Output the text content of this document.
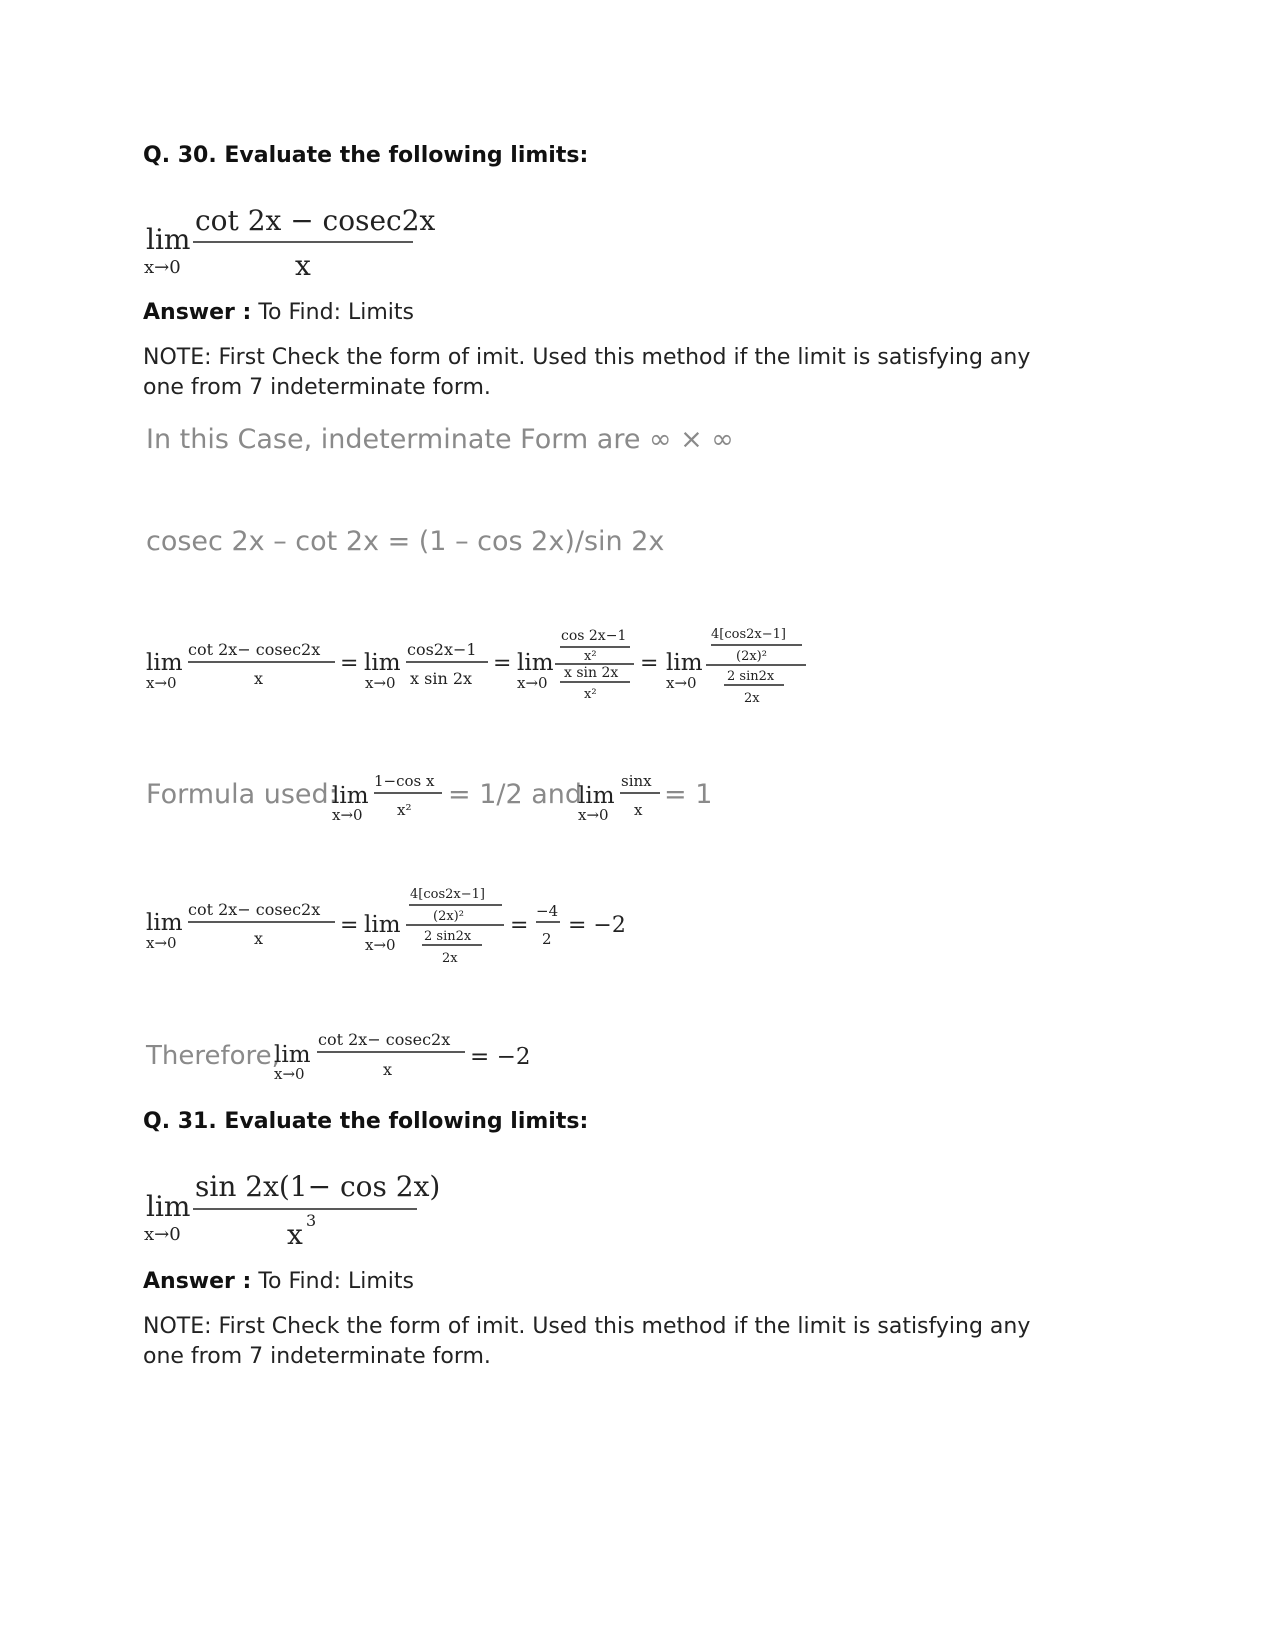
Q. 30. Evaluate the following limits:
lim
x→0
cot 2x − cosec2x
x
Answer : To Find: Limits
NOTE: First Check the form of imit. Used this method if the limit is satisfying any one from 7 indeterminate form.
In this Case, indeterminate Form are ∞ × ∞
cosec 2x – cot 2x = (1 – cos 2x)/sin 2x
lim
x→0
cot 2x− cosec2x
x
= lim
x→0
cos2x−1
x sin 2x
= lim
x→0
cos 2x−1
x²
x sin 2x
x²
= lim
x→0
4[cos2x−1]
(2x)²
2 sin2x
2x
Formula used:
lim
x→0
1−cos x
x² = 1/2 and
lim
x→0
sinx
x = 1
lim
x→0
cot 2x− cosec2x
x
= lim
x→0
4[cos2x−1]
(2x)²
2 sin2x
2x
=
−4
2
= −2
Therefore,
lim
x→0
cot 2x− cosec2x
x	= −2
Q. 31. Evaluate the following limits:
lim
x→0
sin 2x(1− cos 2x)
x 3
Answer : To Find: Limits
NOTE: First Check the form of imit. Used this method if the limit is satisfying any one from 7 indeterminate form.
